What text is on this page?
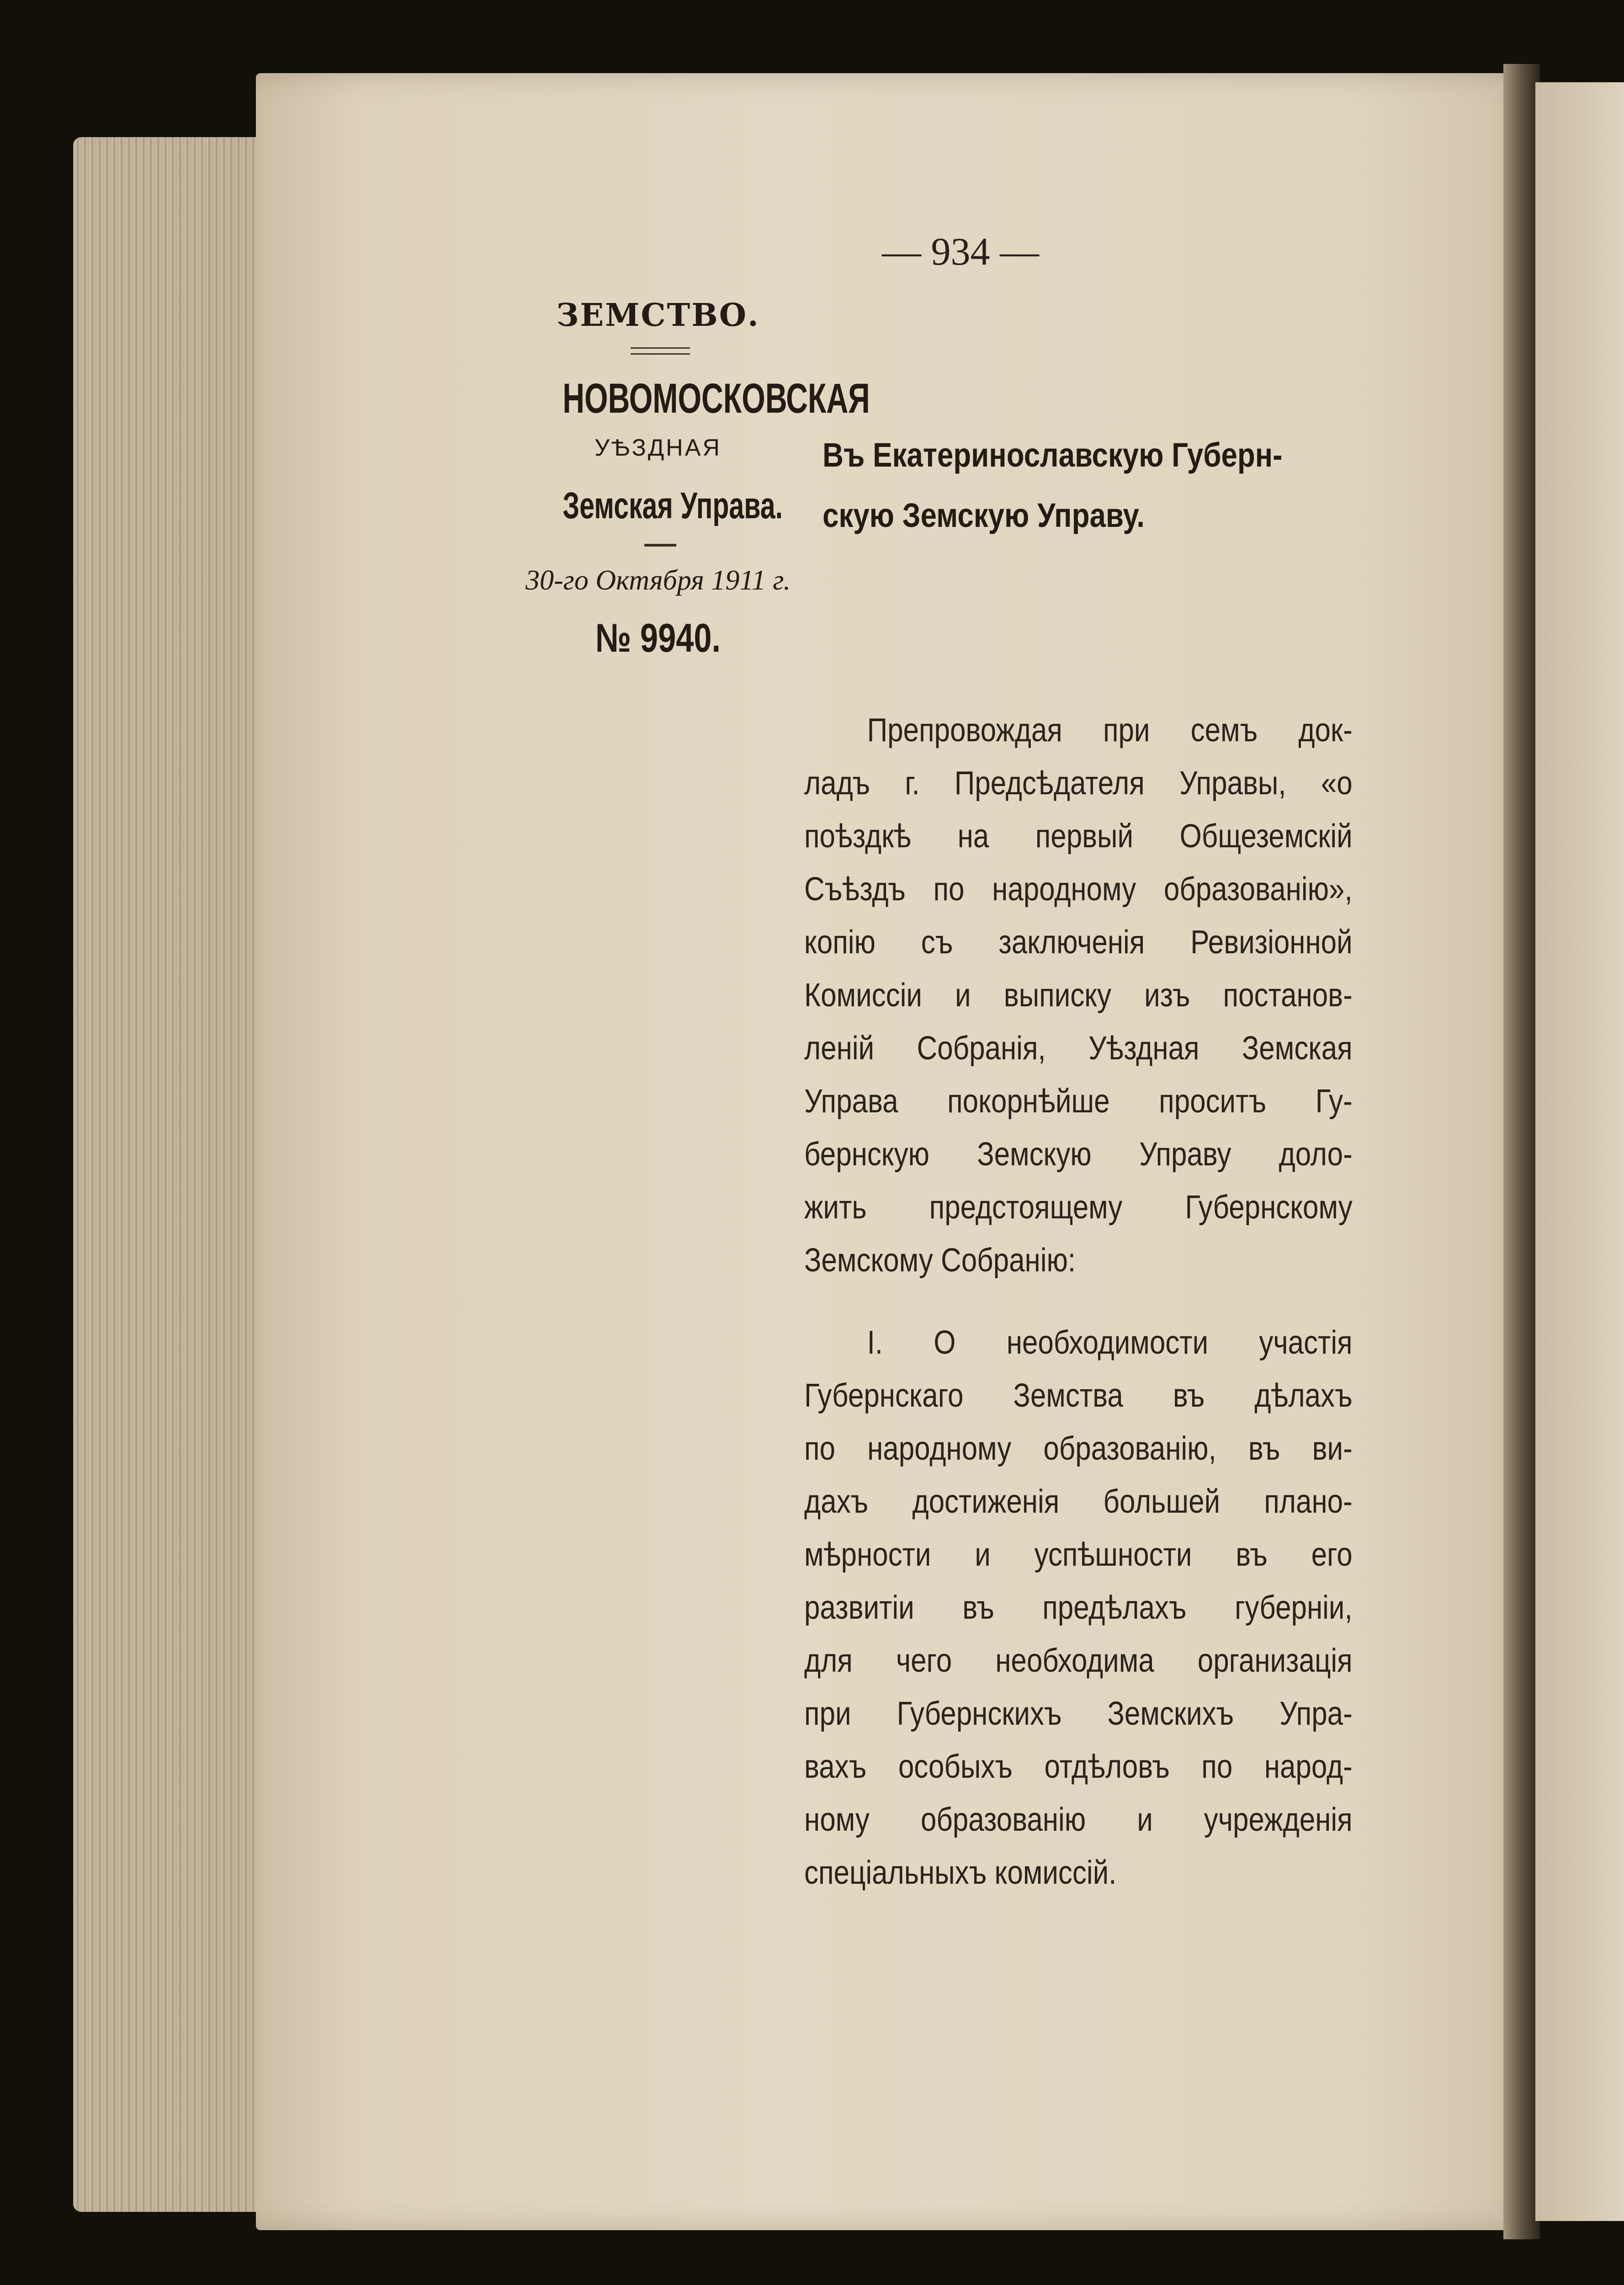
— 934 —
ЗЕМСТВО.
НОВОМОСКОВСКАЯ
УѢЗДНАЯ
Земская Управа.
30-го Октября 1911 г.
№ 9940.
Въ Екатеринославскую Губерн-
скую Земскую Управу.
Препровождая при семъ док-
ладъ г. Предсѣдателя Управы, «о
поѣздкѣ на первый Общеземскій
Съѣздъ по народному образованію»,
копію съ заключенія Ревизіонной
Комиссіи и выписку изъ постанов-
леній Собранія, Уѣздная Земская
Управа покорнѣйше проситъ Гу-
бернскую Земскую Управу доло-
жить предстоящему Губернскому
Земскому Собранію:
I. О необходимости участія
Губернскаго Земства въ дѣлахъ
по народному образованію, въ ви-
дахъ достиженія большей плано-
мѣрности и успѣшности въ его
развитіи въ предѣлахъ губерніи,
для чего необходима организація
при Губернскихъ Земскихъ Упра-
вахъ особыхъ отдѣловъ по народ-
ному образованію и учрежденія
спеціальныхъ комиссій.
